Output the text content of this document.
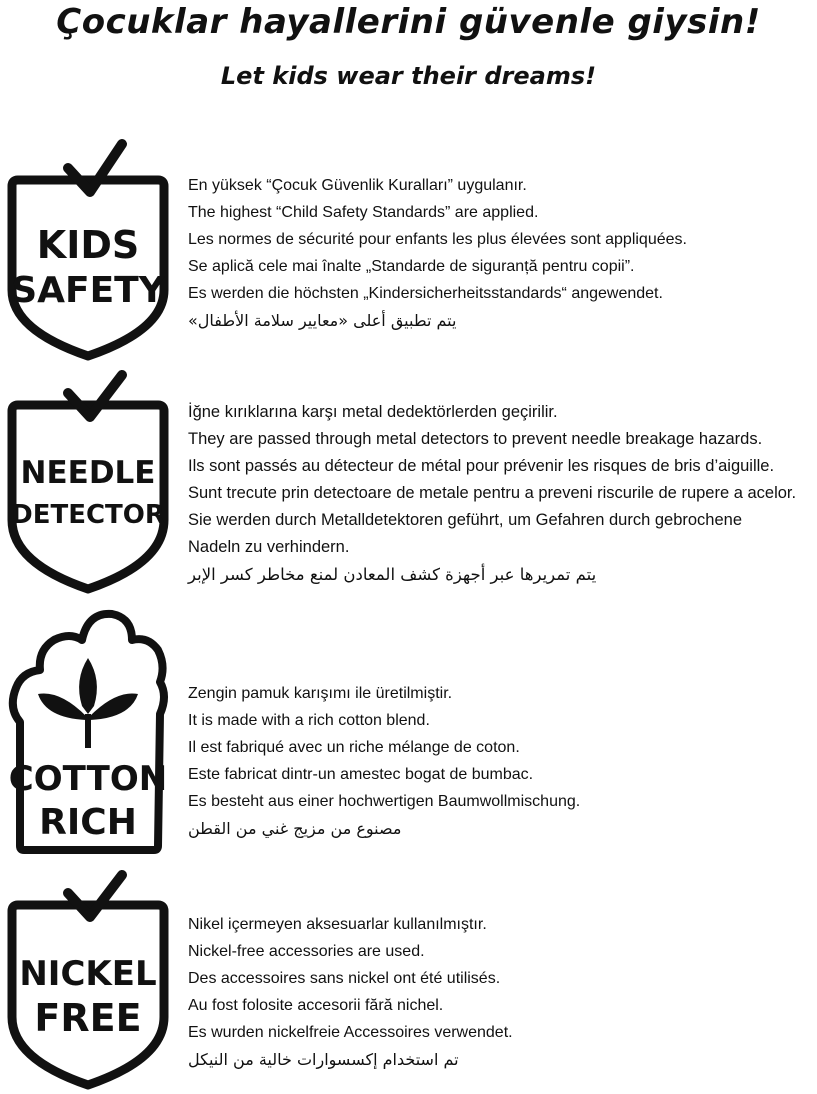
Çocuklar hayallerini güvenle giysin!
Let kids wear their dreams!
KIDS
SAFETY
En yüksek “Çocuk Güvenlik Kuralları” uygulanır.
The highest “Child Safety Standards” are applied.
Les normes de sécurité pour enfants les plus élevées sont appliquées.
Se aplică cele mai înalte „Standarde de siguranță pentru copii”.
Es werden die höchsten „Kindersicherheitsstandards“ angewendet.
يتم تطبيق أعلى «معايير سلامة الأطفال»
NEEDLE
DETECTOR
İğne kırıklarına karşı metal dedektörlerden geçirilir.
They are passed through metal detectors to prevent needle breakage hazards.
Ils sont passés au détecteur de métal pour prévenir les risques de bris d’aiguille.
Sunt trecute prin detectoare de metale pentru a preveni riscurile de rupere a acelor.
Sie werden durch Metalldetektoren geführt, um Gefahren durch gebrochene
Nadeln zu verhindern.
يتم تمريرها عبر أجهزة كشف المعادن لمنع مخاطر كسر الإبر
COTTON
RICH
Zengin pamuk karışımı ile üretilmiştir.
It is made with a rich cotton blend.
Il est fabriqué avec un riche mélange de coton.
Este fabricat dintr-un amestec bogat de bumbac.
Es besteht aus einer hochwertigen Baumwollmischung.
مصنوع من مزيج غني من القطن
NICKEL
FREE
Nikel içermeyen aksesuarlar kullanılmıştır.
Nickel-free accessories are used.
Des accessoires sans nickel ont été utilisés.
Au fost folosite accesorii fără nichel.
Es wurden nickelfreie Accessoires verwendet.
تم استخدام إكسسوارات خالية من النيكل
